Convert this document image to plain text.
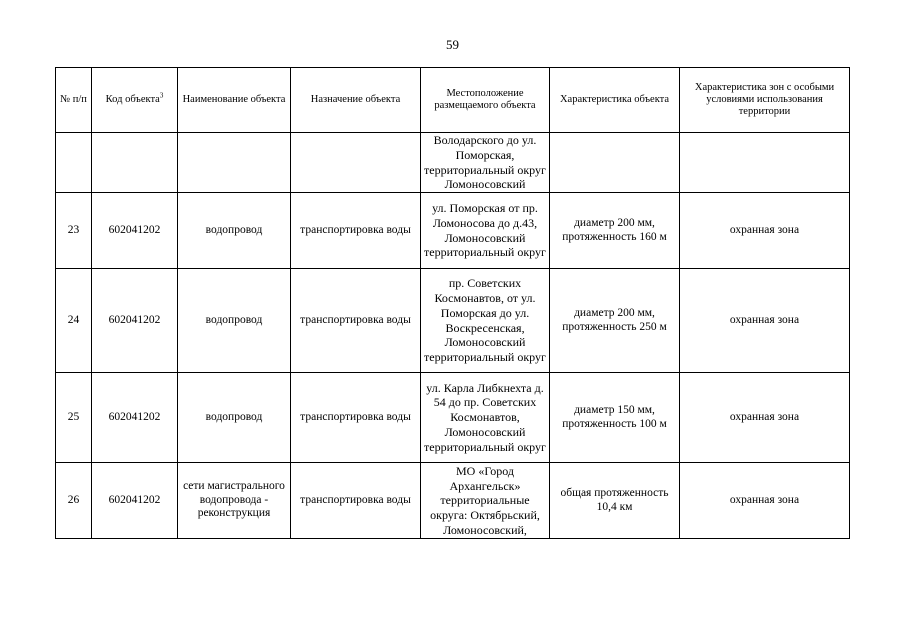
59
№ п/п	Код объекта$^3$	Наименование объекта	Назначение объекта	Местоположение размещаемого объекта	Характеристика объекта	Характеристика зон с особыми условиями использования территории
				Володарского до ул. Поморская, территориальный округ Ломоносовский		
23	602041202	водопровод	транспортировка воды	ул. Поморская от пр. Ломоносова до д.43, Ломоносовский территориальный округ	диаметр 200 мм, протяженность 160 м	охранная зона
24	602041202	водопровод	транспортировка воды	пр. Советских Космонавтов, от ул. Поморская до ул. Воскресенская, Ломоносовский территориальный округ	диаметр 200 мм, протяженность 250 м	охранная зона
25	602041202	водопровод	транспортировка воды	ул. Карла Либкнехта д. 54 до пр. Советских Космонавтов, Ломоносовский территориальный округ	диаметр 150 мм, протяженность 100 м	охранная зона
26	602041202	сети магистрального водопровода - реконструкция	транспортировка воды	МО «Город Архангельск» территориальные округа: Октябрьский, Ломоносовский,	общая протяженность 10,4 км	охранная зона
